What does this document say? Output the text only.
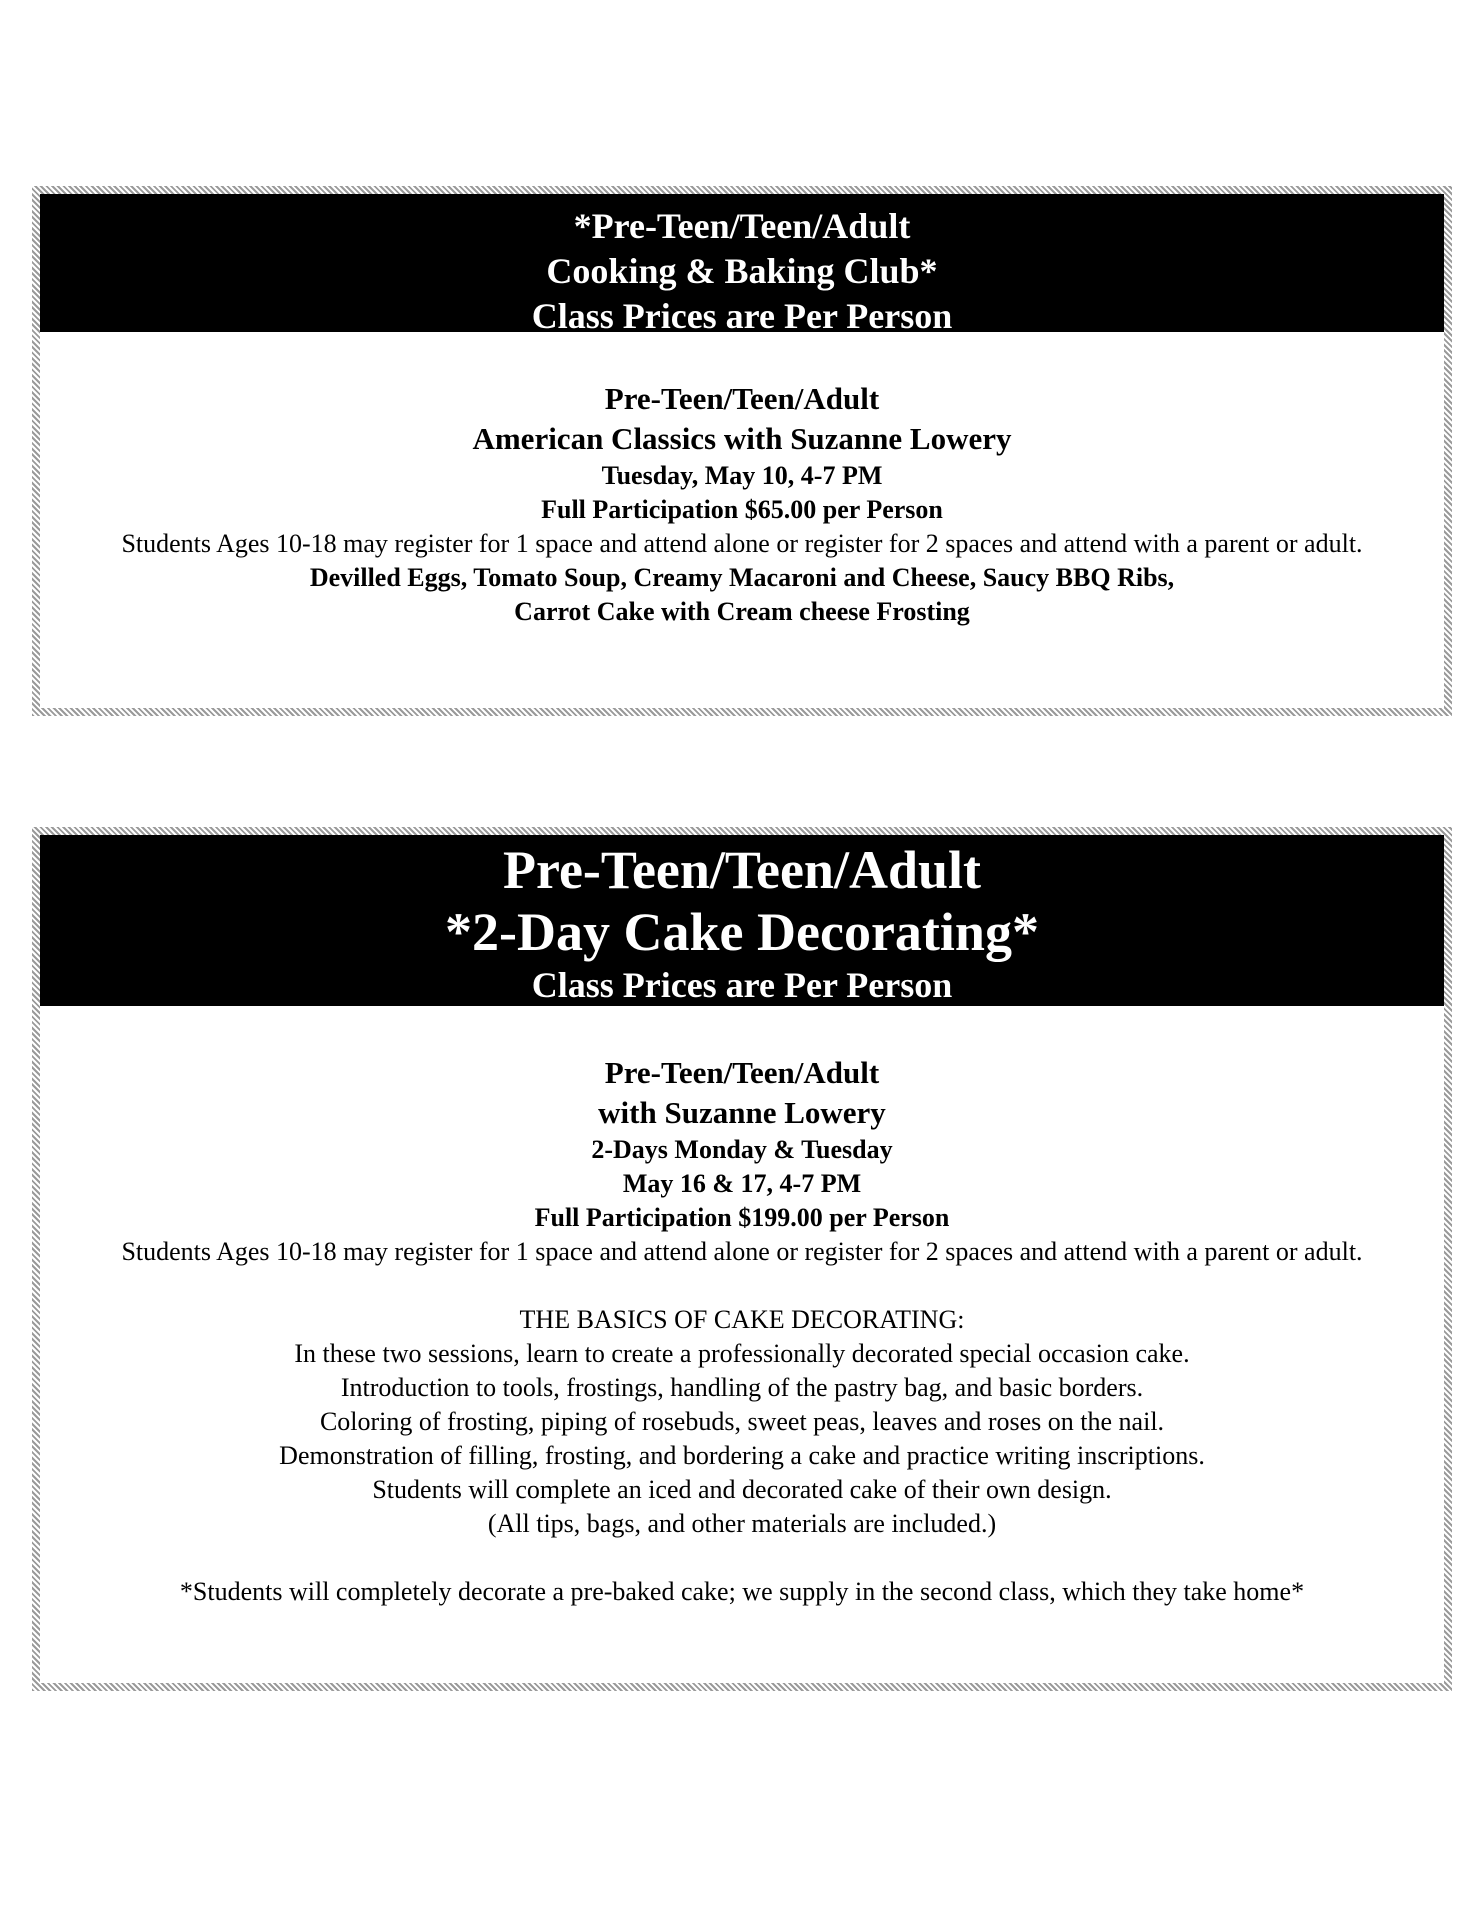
*Pre-Teen/Teen/Adult
Cooking & Baking Club*
Class Prices are Per Person
Pre-Teen/Teen/Adult
American Classics with Suzanne Lowery
Tuesday, May 10, 4-7 PM
Full Participation $65.00 per Person
Students Ages 10-18 may register for 1 space and attend alone or register for 2 spaces and attend with a parent or adult.
Devilled Eggs, Tomato Soup, Creamy Macaroni and Cheese, Saucy BBQ Ribs,
Carrot Cake with Cream cheese Frosting
Pre-Teen/Teen/Adult
*2-Day Cake Decorating*
Class Prices are Per Person
Pre-Teen/Teen/Adult
with Suzanne Lowery
2-Days Monday & Tuesday
May 16 & 17, 4-7 PM
Full Participation $199.00 per Person
Students Ages 10-18 may register for 1 space and attend alone or register for 2 spaces and attend with a parent or adult.
THE BASICS OF CAKE DECORATING:
In these two sessions, learn to create a professionally decorated special occasion cake.
Introduction to tools, frostings, handling of the pastry bag, and basic borders.
Coloring of frosting, piping of rosebuds, sweet peas, leaves and roses on the nail.
Demonstration of filling, frosting, and bordering a cake and practice writing inscriptions.
Students will complete an iced and decorated cake of their own design.
(All tips, bags, and other materials are included.)
*Students will completely decorate a pre-baked cake; we supply in the second class, which they take home*
